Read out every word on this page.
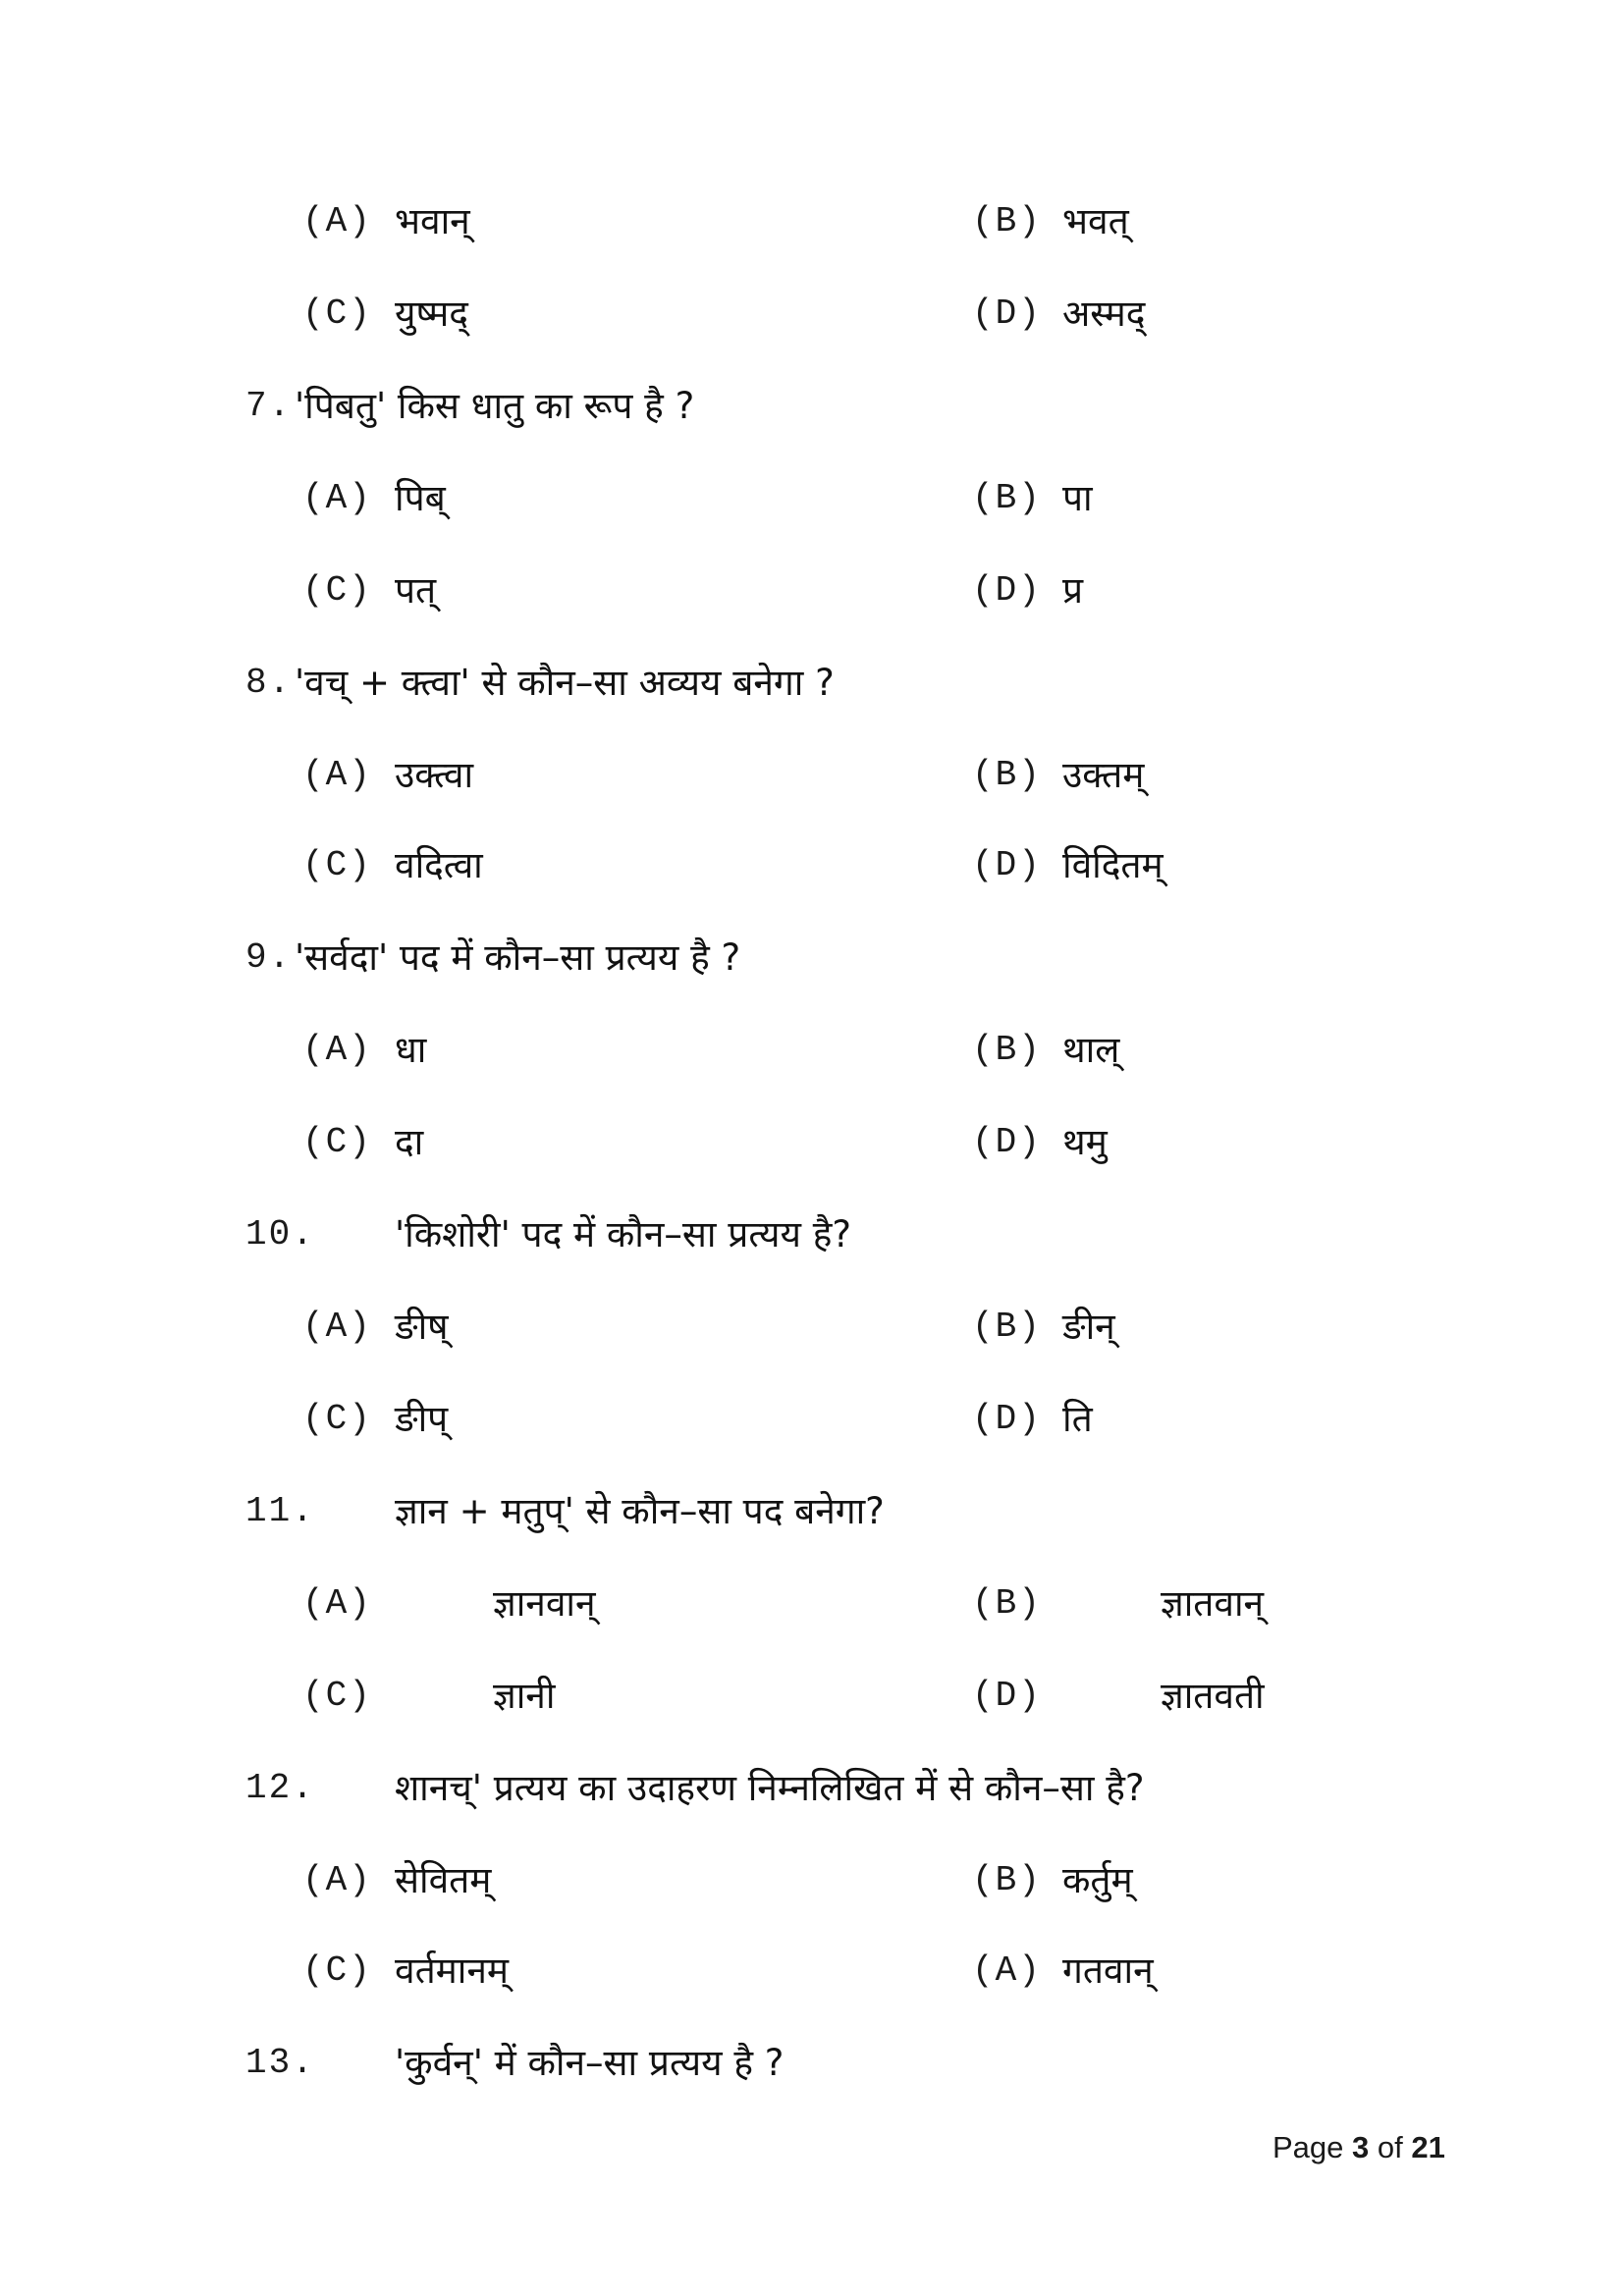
(A) भवान्	(B) भवत्
(C) युष्मद्	(D) अस्मद्
7. 'पिबतु' किस धातु का रूप है ?
(A) पिब्	(B) पा
(C) पत्	(D) प्र
8. 'वच् + क्त्वा' से कौन–सा अव्यय बनेगा ?
(A) उक्त्वा	(B) उक्तम्
(C) वदित्वा	(D) विदितम्
9. 'सर्वदा' पद में कौन–सा प्रत्यय है ?
(A) धा	(B) थाल्
(C) दा	(D) थमु
10. 'किशोरी' पद में कौन–सा प्रत्यय है?
(A) ङीष्	(B) ङीन्
(C) ङीप्	(D) ति
11. ज्ञान + मतुप्' से कौन–सा पद बनेगा?
(A)	ज्ञानवान्	(B)	ज्ञातवान्
(C)	ज्ञानी	(D)	ज्ञातवती
12. शानच्' प्रत्यय का उदाहरण निम्नलिखित में से कौन–सा है?
(A) सेवितम्	(B) कर्तुम्
(C) वर्तमानम्	(A) गतवान्
13. 'कुर्वन्' में कौन–सा प्रत्यय है ?
Page 3 of 21
